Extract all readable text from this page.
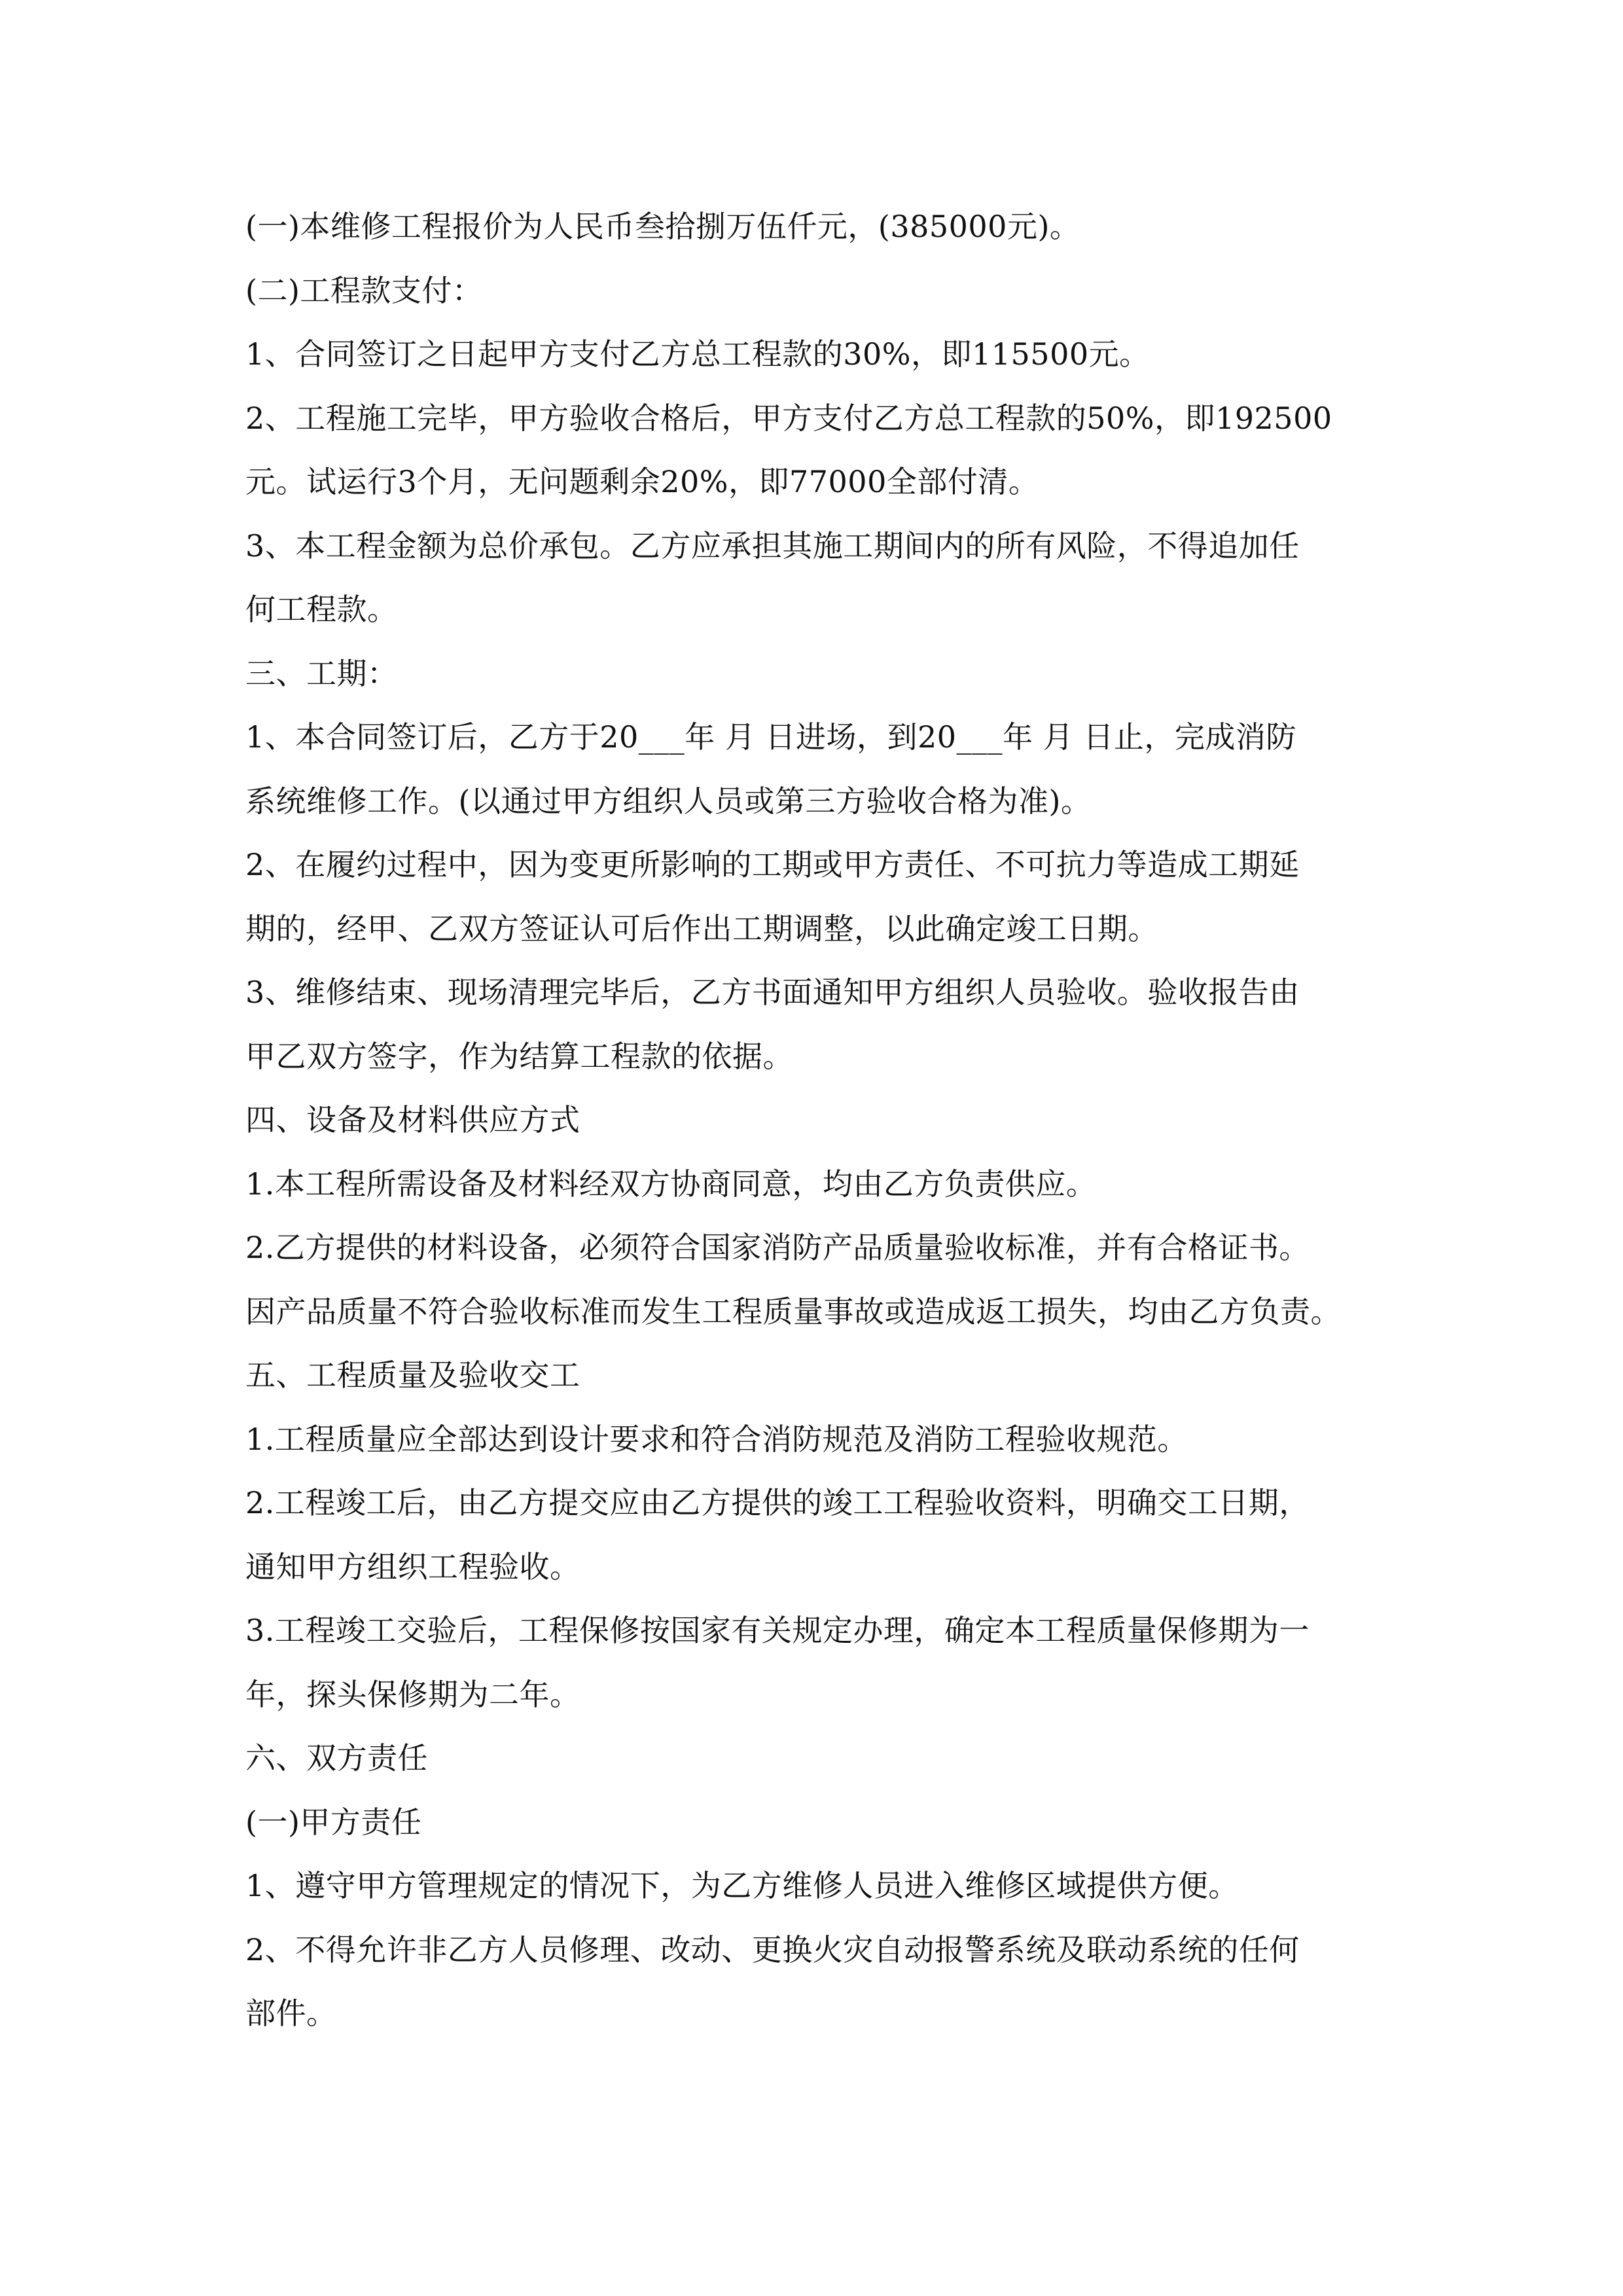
(一)本维修工程报价为人民币叁拾捌万伍仟元，(385000元)。
(二)工程款支付：
1、合同签订之日起甲方支付乙方总工程款的30%，即115500元。
2、工程施工完毕，甲方验收合格后，甲方支付乙方总工程款的50%，即192500
元。试运行3个月，无问题剩余20%，即77000全部付清。
3、本工程金额为总价承包。乙方应承担其施工期间内的所有风险，不得追加任
何工程款。
三、工期：
1、本合同签订后，乙方于20___年 月 日进场，到20___年 月 日止，完成消防
系统维修工作。(以通过甲方组织人员或第三方验收合格为准)。
2、在履约过程中，因为变更所影响的工期或甲方责任、不可抗力等造成工期延
期的，经甲、乙双方签证认可后作出工期调整，以此确定竣工日期。
3、维修结束、现场清理完毕后，乙方书面通知甲方组织人员验收。验收报告由
甲乙双方签字，作为结算工程款的依据。
四、设备及材料供应方式
1.本工程所需设备及材料经双方协商同意，均由乙方负责供应。
2.乙方提供的材料设备，必须符合国家消防产品质量验收标准，并有合格证书。
因产品质量不符合验收标准而发生工程质量事故或造成返工损失，均由乙方负责。
五、工程质量及验收交工
1.工程质量应全部达到设计要求和符合消防规范及消防工程验收规范。
2.工程竣工后，由乙方提交应由乙方提供的竣工工程验收资料，明确交工日期，
通知甲方组织工程验收。
3.工程竣工交验后，工程保修按国家有关规定办理，确定本工程质量保修期为一
年，探头保修期为二年。
六、双方责任
(一)甲方责任
1、遵守甲方管理规定的情况下，为乙方维修人员进入维修区域提供方便。
2、不得允许非乙方人员修理、改动、更换火灾自动报警系统及联动系统的任何
部件。
